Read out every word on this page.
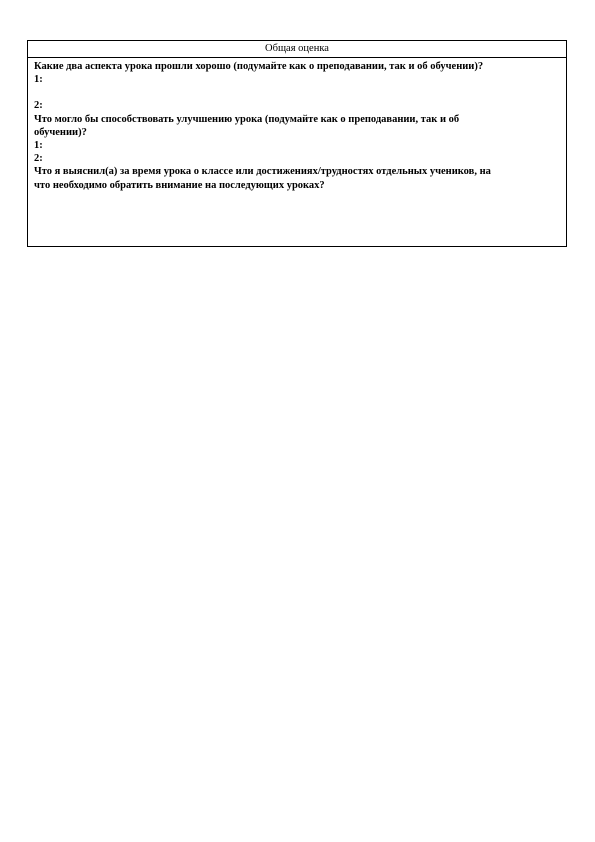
Общая оценка
Какие два аспекта урока прошли хорошо (подумайте как о преподавании, так и об обучении)?
1:
2:
Что могло бы способствовать улучшению урока (подумайте как о преподавании, так и об
обучении)?
1:
2:
Что я выяснил(а) за время урока о классе или достижениях/трудностях отдельных учеников, на
что необходимо обратить внимание на последующих уроках?
